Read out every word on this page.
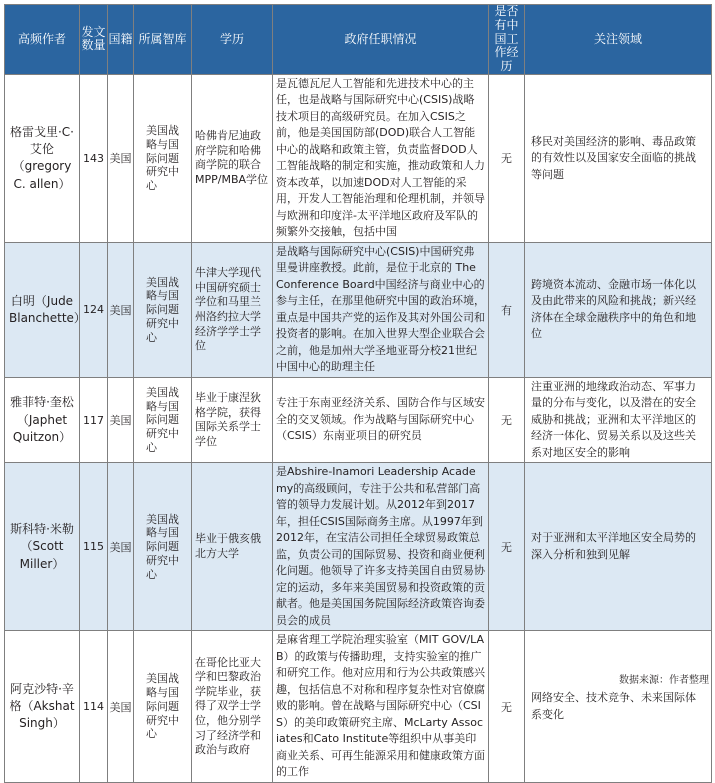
高频作者	发文数量	国籍	所属智库	学历	政府任职情况	是否有中国工作经历	关注领域
格雷戈里·C·艾伦（gregory C. allen）	143	美国	美国战略与国际问题研究中心	哈佛肯尼迪政府学院和哈佛商学院的联合MPP/MBA学位	是瓦德瓦尼人工智能和先进技术中心的主任，也是战略与国际研究中心(CSIS)战略技术项目的高级研究员。在加入CSIS之前，他是美国国防部(DOD)联合人工智能中心的战略和政策主管，负责监督DOD人工智能战略的制定和实施，推动政策和人力资本改革，以加速DOD对人工智能的采用，开发人工智能治理和伦理机制，并领导与欧洲和印度洋-太平洋地区政府及军队的频繁外交接触，包括中国	无	移民对美国经济的影响、毒品政策的有效性以及国家安全面临的挑战等问题
白明（Jude Blanchette）	124	美国	美国战略与国际问题研究中心	牛津大学现代中国研究硕士学位和马里兰州洛约拉大学经济学学士学位	是战略与国际研究中心(CSIS)中国研究弗里曼讲座教授。此前，是位于北京的 The Conference Board中国经济与商业中心的参与主任，在那里他研究中国的政治环境，重点是中国共产党的运作及其对外国公司和投资者的影响。在加入世界大型企业联合会之前，他是加州大学圣地亚哥分校21世纪中国中心的助理主任	有	跨境资本流动、金融市场一体化以及由此带来的风险和挑战；新兴经济体在全球金融秩序中的角色和地位
雅菲特·奎松（Japhet Quitzon）	117	美国	美国战略与国际问题研究中心	毕业于康涅狄格学院，获得国际关系学士学位	专注于东南亚经济关系、国防合作与区域安全的交叉领域。作为战略与国际研究中心（CSIS）东南亚项目的研究员	无	注重亚洲的地缘政治动态、军事力量的分布与变化，以及潜在的安全威胁和挑战；亚洲和太平洋地区的经济一体化、贸易关系以及这些关系对地区安全的影响
斯科特·米勒（Scott Miller）	115	美国	美国战略与国际问题研究中心	毕业于俄亥俄北方大学	是Abshire-Inamori Leadership Academy的高级顾问，专注于公共和私营部门高管的领导力发展计划。从2012年到2017年，担任CSIS国际商务主席。从1997年到2012年，在宝洁公司担任全球贸易政策总监，负责公司的国际贸易、投资和商业便利化问题。他领导了许多支持美国自由贸易协定的运动，多年来美国贸易和投资政策的贡献者。他是美国国务院国际经济政策咨询委员会的成员	无	对于亚洲和太平洋地区安全局势的深入分析和独到见解
阿克沙特·辛格（Akshat Singh）	114	美国	美国战略与国际问题研究中心	在哥伦比亚大学和巴黎政治学院毕业，获得了双学士学位，他分别学习了经济学和政治与政府	是麻省理工学院治理实验室（MIT GOV/LAB）的政策与传播助理，支持实验室的推广和研究工作。他对应用和行为公共政策感兴趣，包括信息不对称和程序复杂性对官僚腐败的影响。曾在战略与国际研究中心（CSIS）的美印政策研究主席、McLarty Associates和Cato Institute等组织中从事美印商业关系、可再生能源采用和健康政策方面的工作	无	网络安全、技术竞争、未来国际体系变化
数据来源：作者整理
